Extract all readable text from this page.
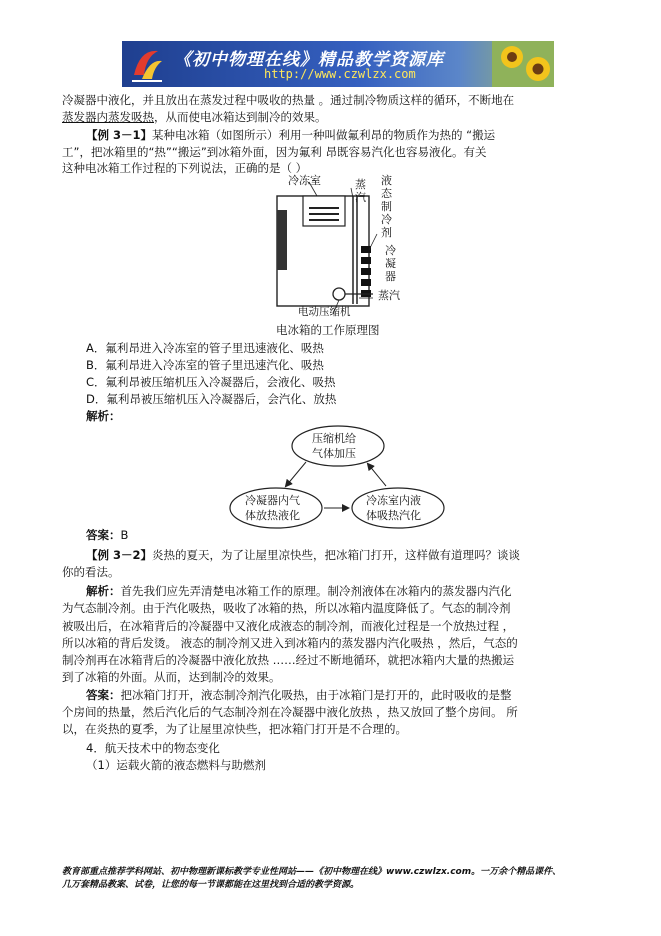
《初中物理在线》精品教学资源库
http://www.czwlzx.com
冷凝器中液化，并且放出在蒸发过程中吸收的热量 。通过制冷物质这样的循环，不断地在
蒸发器内蒸发吸热，从而使电冰箱达到制冷的效果。
【例 3－1】某种电冰箱（如图所示）利用一种叫做氟利昂的物质作为热的 “搬运
工”，把冰箱里的“热”“搬运”到冰箱外面，因为氟利 昂既容易汽化也容易液化。有关
这种电冰箱工作过程的下列说法，正确的是（ ）
冷冻室	蒸
汽
液
态
制
冷
剂
冷
凝
器
蒸汽
电动压缩机
电冰箱的工作原理图
A．氟利昂进入冷冻室的管子里迅速液化、吸热
B．氟利昂进入冷冻室的管子里迅速汽化、吸热
C．氟利昂被压缩机压入冷凝器后，会液化、吸热
D．氟利昂被压缩机压入冷凝器后，会汽化、放热
解析：
压缩机给
气体加压
冷凝器内气
体放热液化
冷冻室内液
体吸热汽化
答案：B
【例 3－2】炎热的夏天，为了让屋里凉快些，把冰箱门打开，这样做有道理吗？谈谈
你的看法。
解析：首先我们应先弄清楚电冰箱工作的原理。制冷剂液体在冰箱内的蒸发器内汽化
为气态制冷剂。由于汽化吸热，吸收了冰箱的热，所以冰箱内温度降低了。气态的制冷剂
被吸出后，在冰箱背后的冷凝器中又液化成液态的制冷剂，而液化过程是一个放热过程 ，
所以冰箱的背后发烫。 液态的制冷剂又进入到冰箱内的蒸发器内汽化吸热 ，然后，气态的
制冷剂再在冰箱背后的冷凝器中液化放热 ……经过不断地循环，就把冰箱内大量的热搬运
到了冰箱的外面。从而，达到制冷的效果。
答案：把冰箱门打开，液态制冷剂汽化吸热，由于冰箱门是打开的，此时吸收的是整
个房间的热量，然后汽化后的气态制冷剂在冷凝器中液化放热 ，热又放回了整个房间。 所
以，在炎热的夏季，为了让屋里凉快些，把冰箱门打开是不合理的。
4．航天技术中的物态变化
（1）运载火箭的液态燃料与助燃剂
教育部重点推荐学科网站、初中物理新课标教学专业性网站——《初中物理在线》www.czwlzx.com。一万余个精品课件、
几万套精品教案、试卷，让您的每一节课都能在这里找到合适的教学资源。
